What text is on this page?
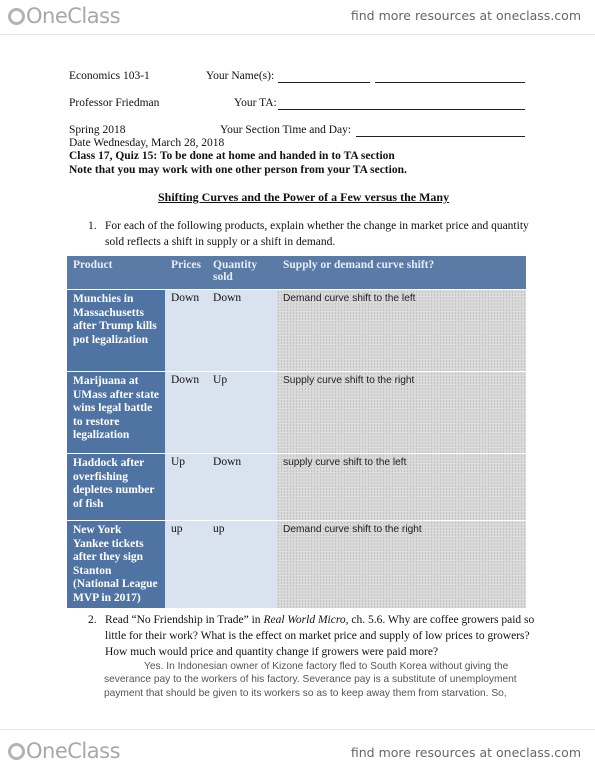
OneClass	find more resources at oneclass.com
Economics 103-1	Your Name(s):
Professor Friedman	Your TA:
Spring 2018	Your Section Time and Day:
Date Wednesday, March 28, 2018
Class 17, Quiz 15: To be done at home and handed in to TA section
Note that you may work with one other person from your TA section.
Shifting Curves and the Power of a Few versus the Many
1. For each of the following products, explain whether the change in market price and quantity sold reflects a shift in supply or a shift in demand.
Product	Prices	Quantity sold	Supply or demand curve shift?
Munchies in Massachusetts after Trump kills pot legalization	Down	Down	Demand curve shift to the left
Marijuana at UMass after state wins legal battle to restore legalization	Down	Up	Supply curve shift to the right
Haddock after overfishing depletes number of fish	Up	Down	supply curve shift to the left
New York Yankee tickets after they sign Stanton (National League MVP in 2017)	up	up	Demand curve shift to the right
2. Read “No Friendship in Trade” in Real World Micro, ch. 5.6. Why are coffee growers paid so little for their work? What is the effect on market price and supply of low prices to growers? How much would price and quantity change if growers were paid more?
Yes. In Indonesian owner of Kizone factory fled to South Korea without giving the severance pay to the workers of his factory. Severance pay is a substitute of unemployment payment that should be given to its workers so as to keep away them from starvation. So,
OneClass	find more resources at oneclass.com
